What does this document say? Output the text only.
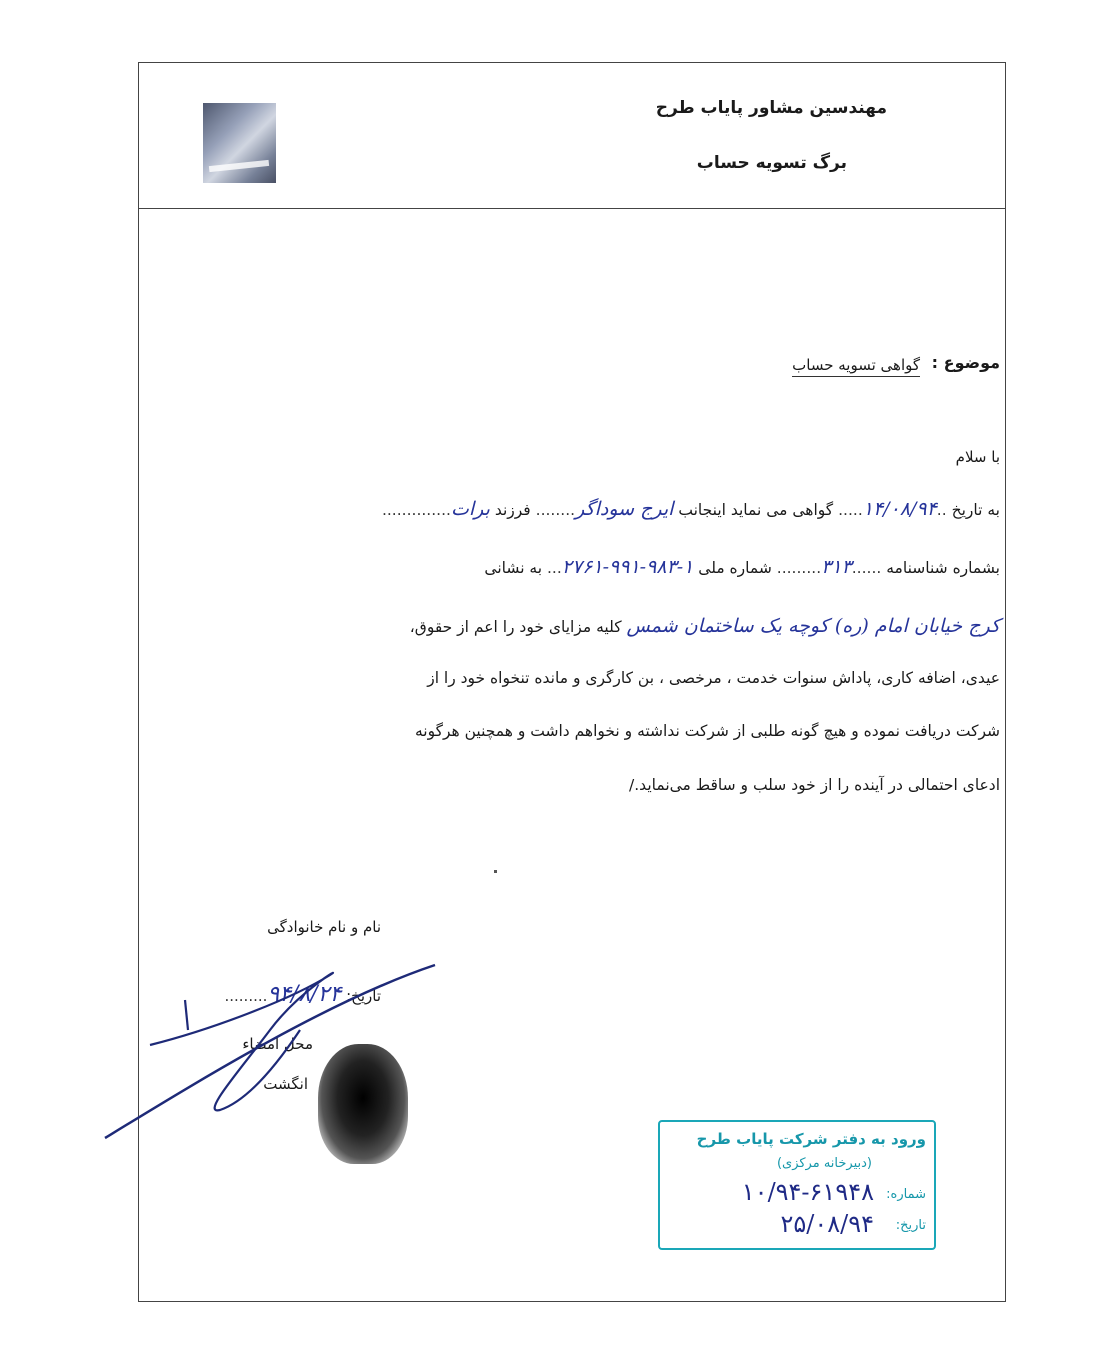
مهندسین مشاور پایاب طرح
برگ تسویه حساب
موضوع :
گواهی تسویه حساب
با سلام
به تاریخ ..۱۴/۰۸/۹۴..... گواهی می نماید اینجانب ایرج سوداگر........ فرزند برات..............
بشماره شناسنامه ......۳۱۳......... شماره ملی ۱-۹۸۳-۹۹۱-۲۷۶۱... به نشانی
کرج خیابان امام (ره) کوچه یک ساختمان شمس کلیه مزایای خود را اعم از حقوق،
عیدی، اضافه کاری، پاداش سنوات خدمت ، مرخصی ، بن کارگری و مانده تنخواه خود را از
شرکت دریافت نموده و هیچ گونه طلبی از شرکت نداشته و نخواهم داشت و همچنین هرگونه
ادعای احتمالی در آینده را از خود سلب و ساقط می‌نماید./
نام و نام خانوادگی
تاریخ: ۹۴/۸/۲۴.........
محل امضاء
انگشت
ورود به دفتر شرکت پایاب طرح
(دبیرخانه مرکزی)
شماره:
۱۰/۹۴-۶۱۹۴۸
تاریخ:
۲۵/۰۸/۹۴
